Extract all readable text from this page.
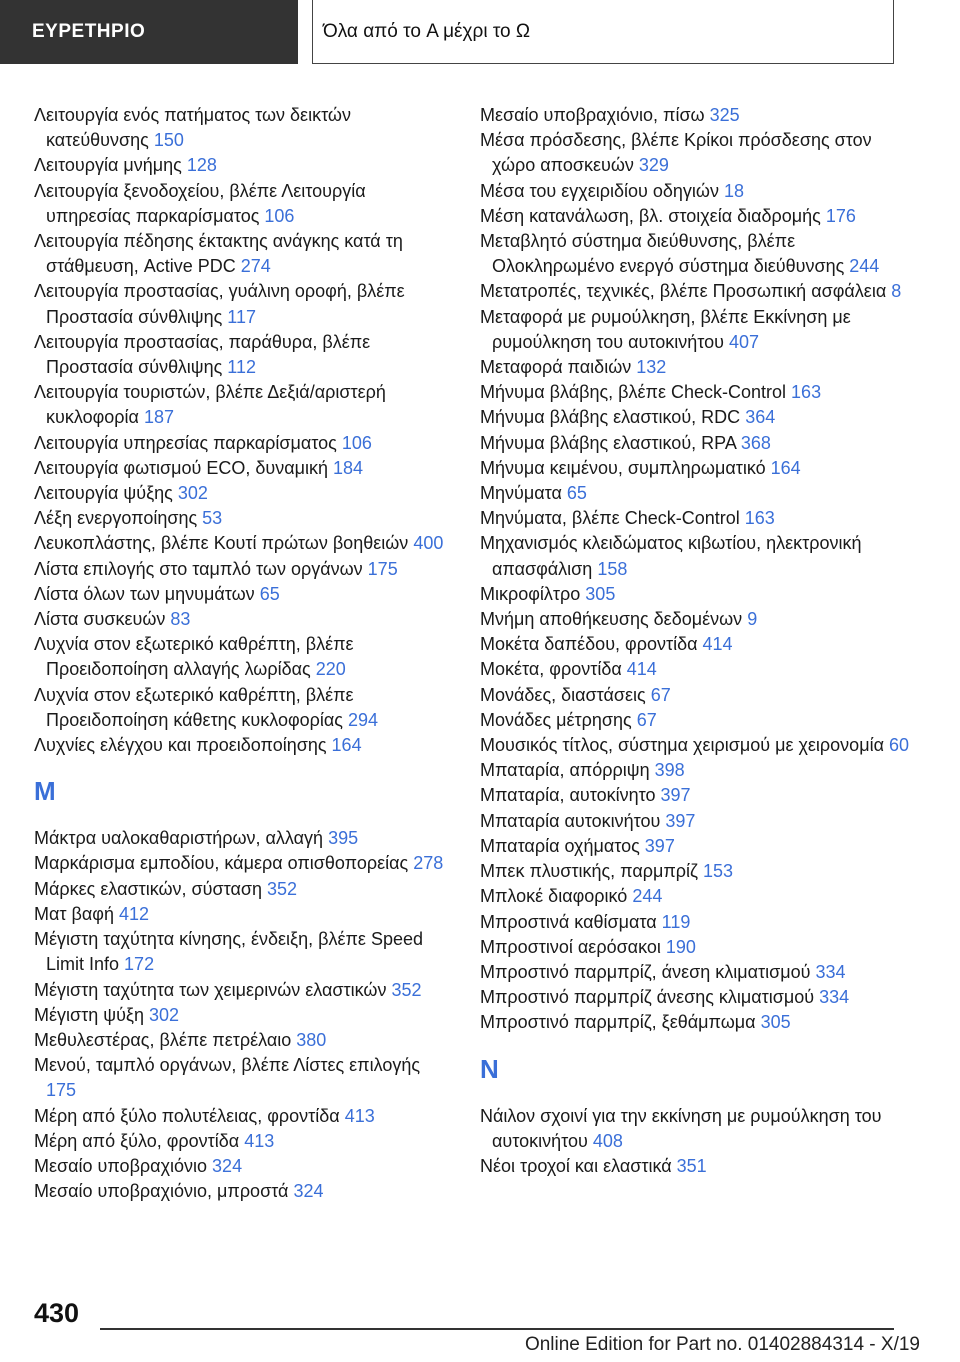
ΕΥΡΕΤΗΡΙΟ	Όλα από το A μέχρι το Ω
Λειτουργία ενός πατήματος των δεικτών κατεύθυνσης 150
Λειτουργία μνήμης 128
Λειτουργία ξενοδοχείου, βλέπε Λειτουργία υπηρεσίας παρκαρίσματος 106
Λειτουργία πέδησης έκτακτης ανάγκης κατά τη στάθμευση, Active PDC 274
Λειτουργία προστασίας, γυάλινη οροφή, βλέπε Προστασία σύνθλιψης 117
Λειτουργία προστασίας, παράθυρα, βλέπε Προστασία σύνθλιψης 112
Λειτουργία τουριστών, βλέπε Δεξιά/αριστερή κυκλοφορία 187
Λειτουργία υπηρεσίας παρκαρίσματος 106
Λειτουργία φωτισμού ECO, δυναμική 184
Λειτουργία ψύξης 302
Λέξη ενεργοποίησης 53
Λευκοπλάστης, βλέπε Κουτί πρώτων βοηθειών 400
Λίστα επιλογής στο ταμπλό των οργάνων 175
Λίστα όλων των μηνυμάτων 65
Λίστα συσκευών 83
Λυχνία στον εξωτερικό καθρέπτη, βλέπε Προειδοποίηση αλλαγής λωρίδας 220
Λυχνία στον εξωτερικό καθρέπτη, βλέπε Προειδοποίηση κάθετης κυκλοφορίας 294
Λυχνίες ελέγχου και προειδοποίησης 164
M
Μάκτρα υαλοκαθαριστήρων, αλλαγή 395
Μαρκάρισμα εμποδίου, κάμερα οπισθοπορείας 278
Μάρκες ελαστικών, σύσταση 352
Ματ βαφή 412
Μέγιστη ταχύτητα κίνησης, ένδειξη, βλέπε Speed Limit Info 172
Μέγιστη ταχύτητα των χειμερινών ελαστικών 352
Μέγιστη ψύξη 302
Μεθυλεστέρας, βλέπε πετρέλαιο 380
Μενού, ταμπλό οργάνων, βλέπε Λίστες επιλογής 175
Μέρη από ξύλο πολυτέλειας, φροντίδα 413
Μέρη από ξύλο, φροντίδα 413
Μεσαίο υποβραχιόνιο 324
Μεσαίο υποβραχιόνιο, μπροστά 324
Μεσαίο υποβραχιόνιο, πίσω 325
Μέσα πρόσδεσης, βλέπε Κρίκοι πρόσδεσης στον χώρο αποσκευών 329
Μέσα του εγχειριδίου οδηγιών 18
Μέση κατανάλωση, βλ. στοιχεία διαδρομής 176
Μεταβλητό σύστημα διεύθυνσης, βλέπε Ολοκληρωμένο ενεργό σύστημα διεύθυνσης 244
Μετατροπές, τεχνικές, βλέπε Προσωπική ασφάλεια 8
Μεταφορά με ρυμούλκηση, βλέπε Εκκίνηση με ρυμούλκηση του αυτοκινήτου 407
Μεταφορά παιδιών 132
Μήνυμα βλάβης, βλέπε Check-Control 163
Μήνυμα βλάβης ελαστικού, RDC 364
Μήνυμα βλάβης ελαστικού, RPA 368
Μήνυμα κειμένου, συμπληρωματικό 164
Μηνύματα 65
Μηνύματα, βλέπε Check-Control 163
Μηχανισμός κλειδώματος κιβωτίου, ηλεκτρονική απασφάλιση 158
Μικροφίλτρο 305
Μνήμη αποθήκευσης δεδομένων 9
Μοκέτα δαπέδου, φροντίδα 414
Μοκέτα, φροντίδα 414
Μονάδες, διαστάσεις 67
Μονάδες μέτρησης 67
Μουσικός τίτλος, σύστημα χειρισμού με χειρονομία 60
Μπαταρία, απόρριψη 398
Μπαταρία, αυτοκίνητο 397
Μπαταρία αυτοκινήτου 397
Μπαταρία οχήματος 397
Μπεκ πλυστικής, παρμπρίζ 153
Μπλοκέ διαφορικό 244
Μπροστινά καθίσματα 119
Μπροστινοί αερόσακοι 190
Μπροστινό παρμπρίζ, άνεση κλιματισμού 334
Μπροστινό παρμπρίζ άνεσης κλιματισμού 334
Μπροστινό παρμπρίζ, ξεθάμπωμα 305
N
Νάιλον σχοινί για την εκκίνηση με ρυμούλκηση του αυτοκινήτου 408
Νέοι τροχοί και ελαστικά 351
430
Online Edition for Part no. 01402884314 - X/19
